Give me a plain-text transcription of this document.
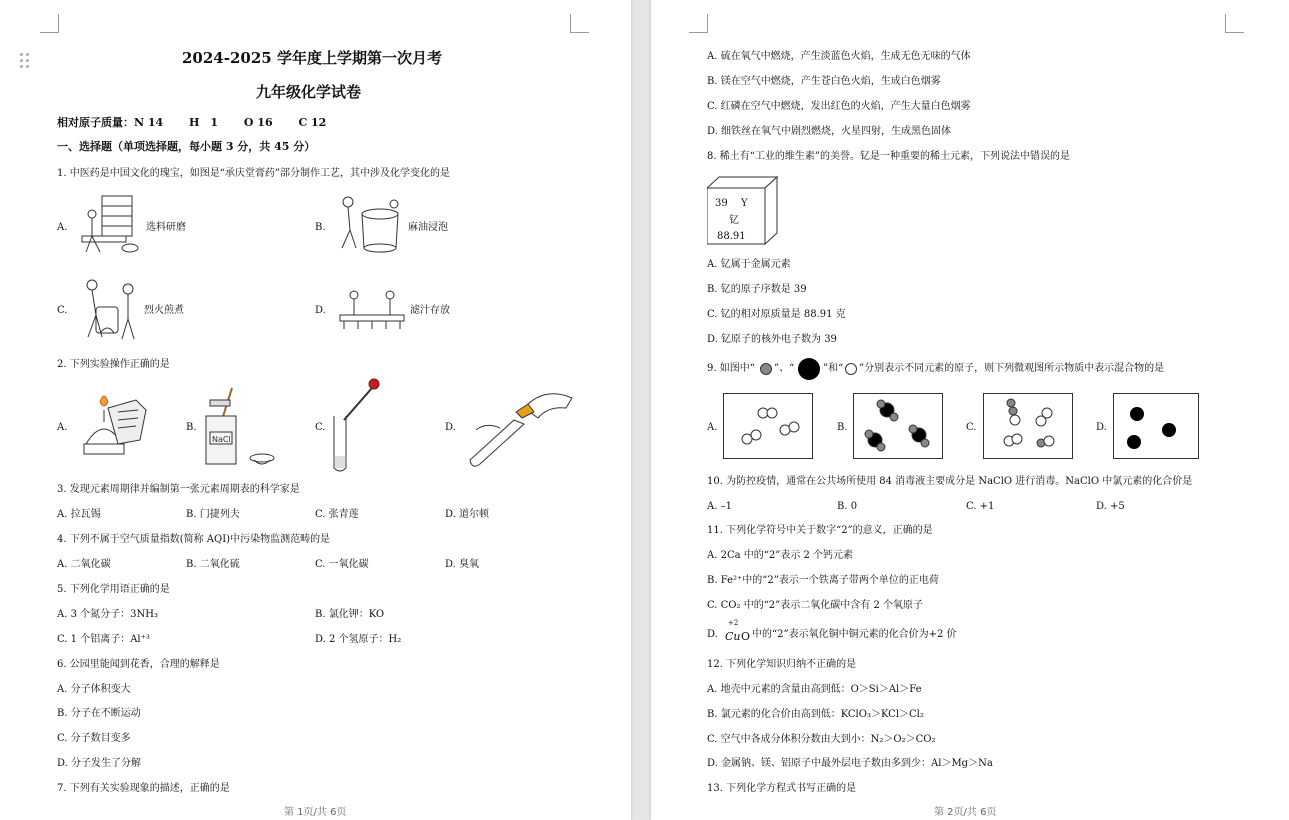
2024-2025 学年度上学期第一次月考
九年级化学试卷
相对原子质量：N 14　　 H　1　　 O 16　　 C 12
一、选择题（单项选择题，每小题 3 分，共 45 分）
1. 中医药是中国文化的瑰宝，如图是“承庆堂膏药”部分制作工艺，其中涉及化学变化的是
A.	选料研磨	B.	麻油浸泡
C.	烈火煎煮	D.	滤汁存放
2. 下列实验操作正确的是
A.	B.
NaCl
C.	D.
3. 发现元素周期律并编制第一张元素周期表的科学家是
A. 拉瓦锡	B. 门捷列夫	C. 张青莲	D. 道尔顿
4. 下列不属于空气质量指数(简称 AQI)中污染物监测范畴的是
A. 二氧化碳	B. 二氧化硫	C. 一氧化碳	D. 臭氧
5. 下列化学用语正确的是
A. 3 个氮分子：3NH₃	B. 氯化钾：KO
C. 1 个铝离子：Al⁺³	D. 2 个氢原子：H₂
6. 公园里能闻到花香，合理的解释是
A. 分子体积变大
B. 分子在不断运动
C. 分子数目变多
D. 分子发生了分解
7. 下列有关实验现象的描述，正确的是
第 1页/共 6页
A. 硫在氧气中燃烧，产生淡蓝色火焰，生成无色无味的气体
B. 镁在空气中燃烧，产生苍白色火焰，生成白色烟雾
C. 红磷在空气中燃烧，发出红色的火焰，产生大量白色烟雾
D. 细铁丝在氧气中剧烈燃烧，火星四射，生成黑色固体
8. 稀土有“工业的维生素”的美誉。钇是一种重要的稀土元素，下列说法中错误的是
39 Y
钇
88.91
A. 钇属于金属元素
B. 钇的原子序数是 39
C. 钇的相对原质量是 88.91 克
D. 钇原子的核外电子数为 39
9. 如图中“ ”、“	”和“ ”分别表示不同元素的原子，则下列微观图所示物质中表示混合物的是
A.	B.	C.	D.
10. 为防控疫情，通常在公共场所使用 84 消毒液主要成分是 NaClO 进行消毒。NaClO 中氯元素的化合价是
A. –1	B. 0	C. +1	D. +5
11. 下列化学符号中关于数字“2”的意义，正确的是
A. 2Ca 中的“2”表示 2 个钙元素
B. Fe²⁺中的“2”表示一个铁离子带两个单位的正电荷
C. CO₂ 中的“2”表示二氧化碳中含有 2 个氧原子
D.
+2
Cu O 中的“2”表示氧化铜中铜元素的化合价为+2 价
12. 下列化学知识归纳不正确的是
A. 地壳中元素的含量由高到低：O＞Si＞Al＞Fe
B. 氯元素的化合价由高到低：KClO₃＞KCl＞Cl₂
C. 空气中各成分体积分数由大到小：N₂＞O₂＞CO₂
D. 金属钠、镁、铝原子中最外层电子数由多到少：Al＞Mg＞Na
13. 下列化学方程式书写正确的是
第 2页/共 6页
